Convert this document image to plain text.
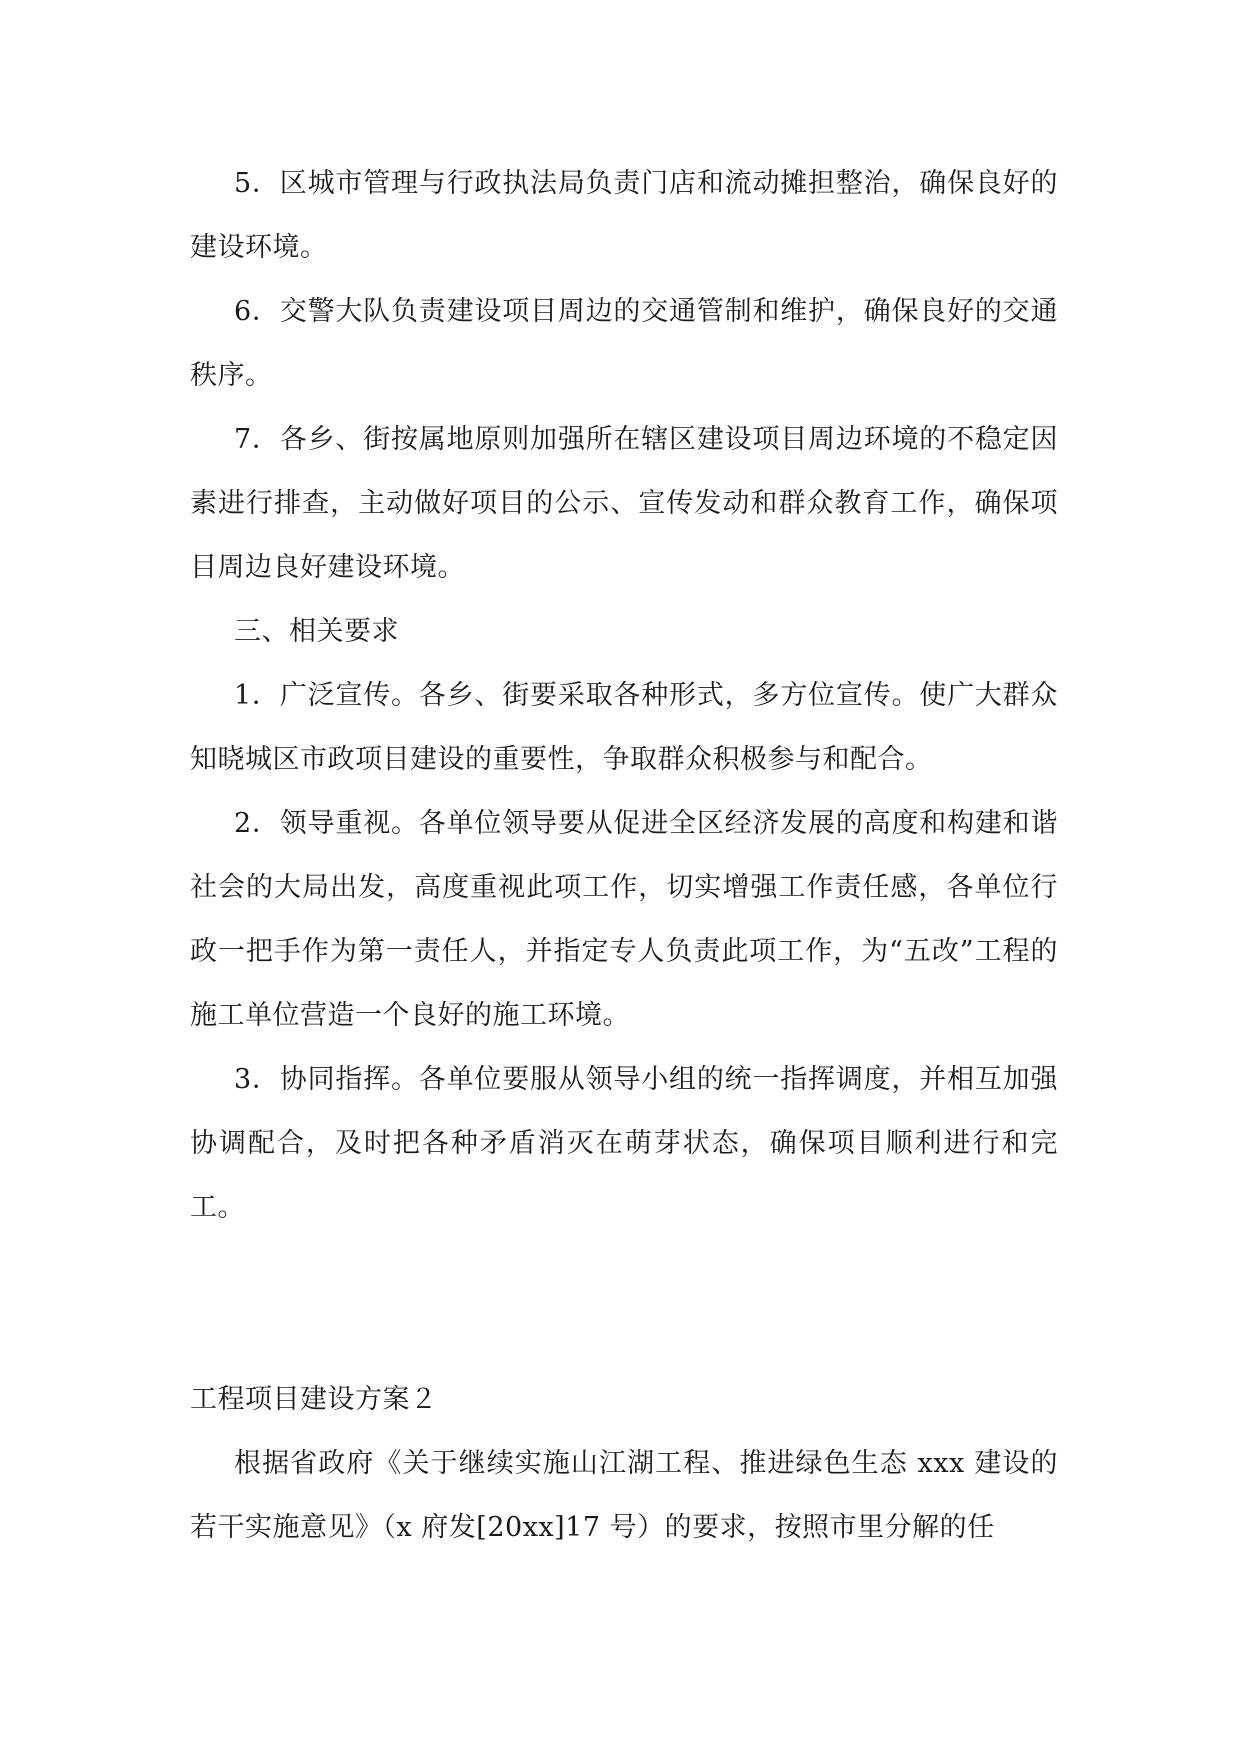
5．区城市管理与行政执法局负责门店和流动摊担整治，确保良好的建设环境。

6．交警大队负责建设项目周边的交通管制和维护，确保良好的交通秩序。

7．各乡、街按属地原则加强所在辖区建设项目周边环境的不稳定因素进行排查，主动做好项目的公示、宣传发动和群众教育工作，确保项目周边良好建设环境。

三、相关要求

1．广泛宣传。各乡、街要采取各种形式，多方位宣传。使广大群众知晓城区市政项目建设的重要性，争取群众积极参与和配合。

2．领导重视。各单位领导要从促进全区经济发展的高度和构建和谐社会的大局出发，高度重视此项工作，切实增强工作责任感，各单位行政一把手作为第一责任人，并指定专人负责此项工作，为“五改”工程的施工单位营造一个良好的施工环境。

3．协同指挥。各单位要服从领导小组的统一指挥调度，并相互加强协调配合，及时把各种矛盾消灭在萌芽状态，确保项目顺利进行和完工。

工程项目建设方案２

根据省政府《关于继续实施山江湖工程、推进绿色生态 xxx 建设的若干实施意见》（x 府发[20xx]17 号）的要求，按照市里分解的任
